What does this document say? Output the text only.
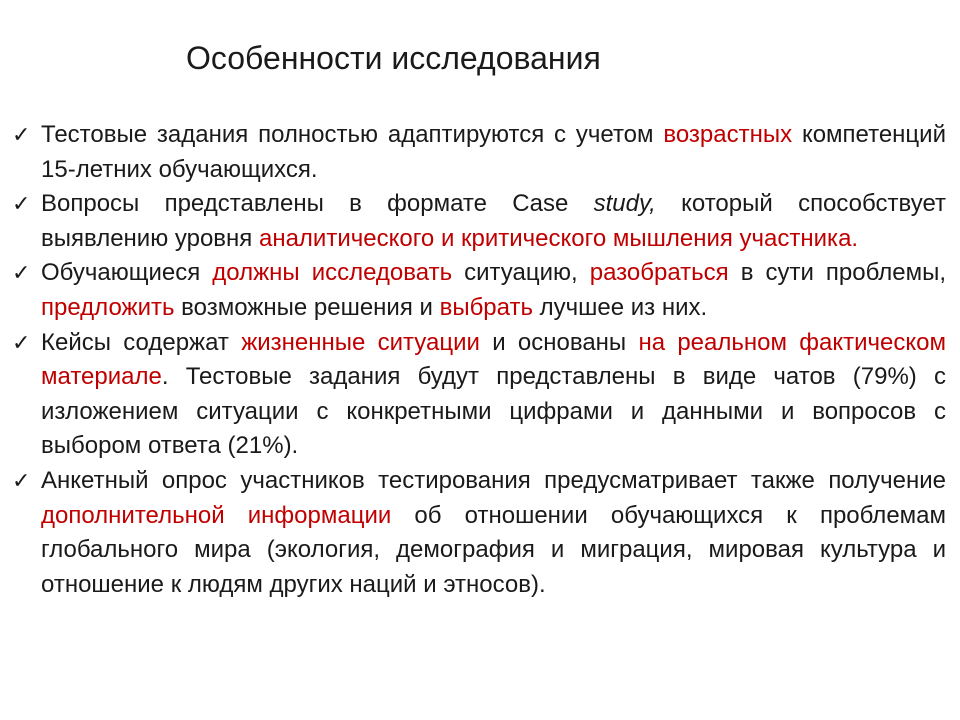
Особенности исследования
✓ Тестовые задания полностью адаптируются с учетом возрастных компетенций 15-летних обучающихся.
✓ Вопросы представлены в формате Case study, который способствует выявлению уровня аналитического и критического мышления участника.
✓ Обучающиеся должны исследовать ситуацию, разобраться в сути проблемы, предложить возможные решения и выбрать лучшее из них.
✓ Кейсы содержат жизненные ситуации и основаны на реальном фактическом материале. Тестовые задания будут представлены в виде чатов (79%) с изложением ситуации с конкретными цифрами и данными и вопросов с выбором ответа (21%).
✓ Анкетный опрос участников тестирования предусматривает также получение дополнительной информации об отношении обучающихся к проблемам глобального мира (экология, демография и миграция, мировая культура и отношение к людям других наций и этносов).
